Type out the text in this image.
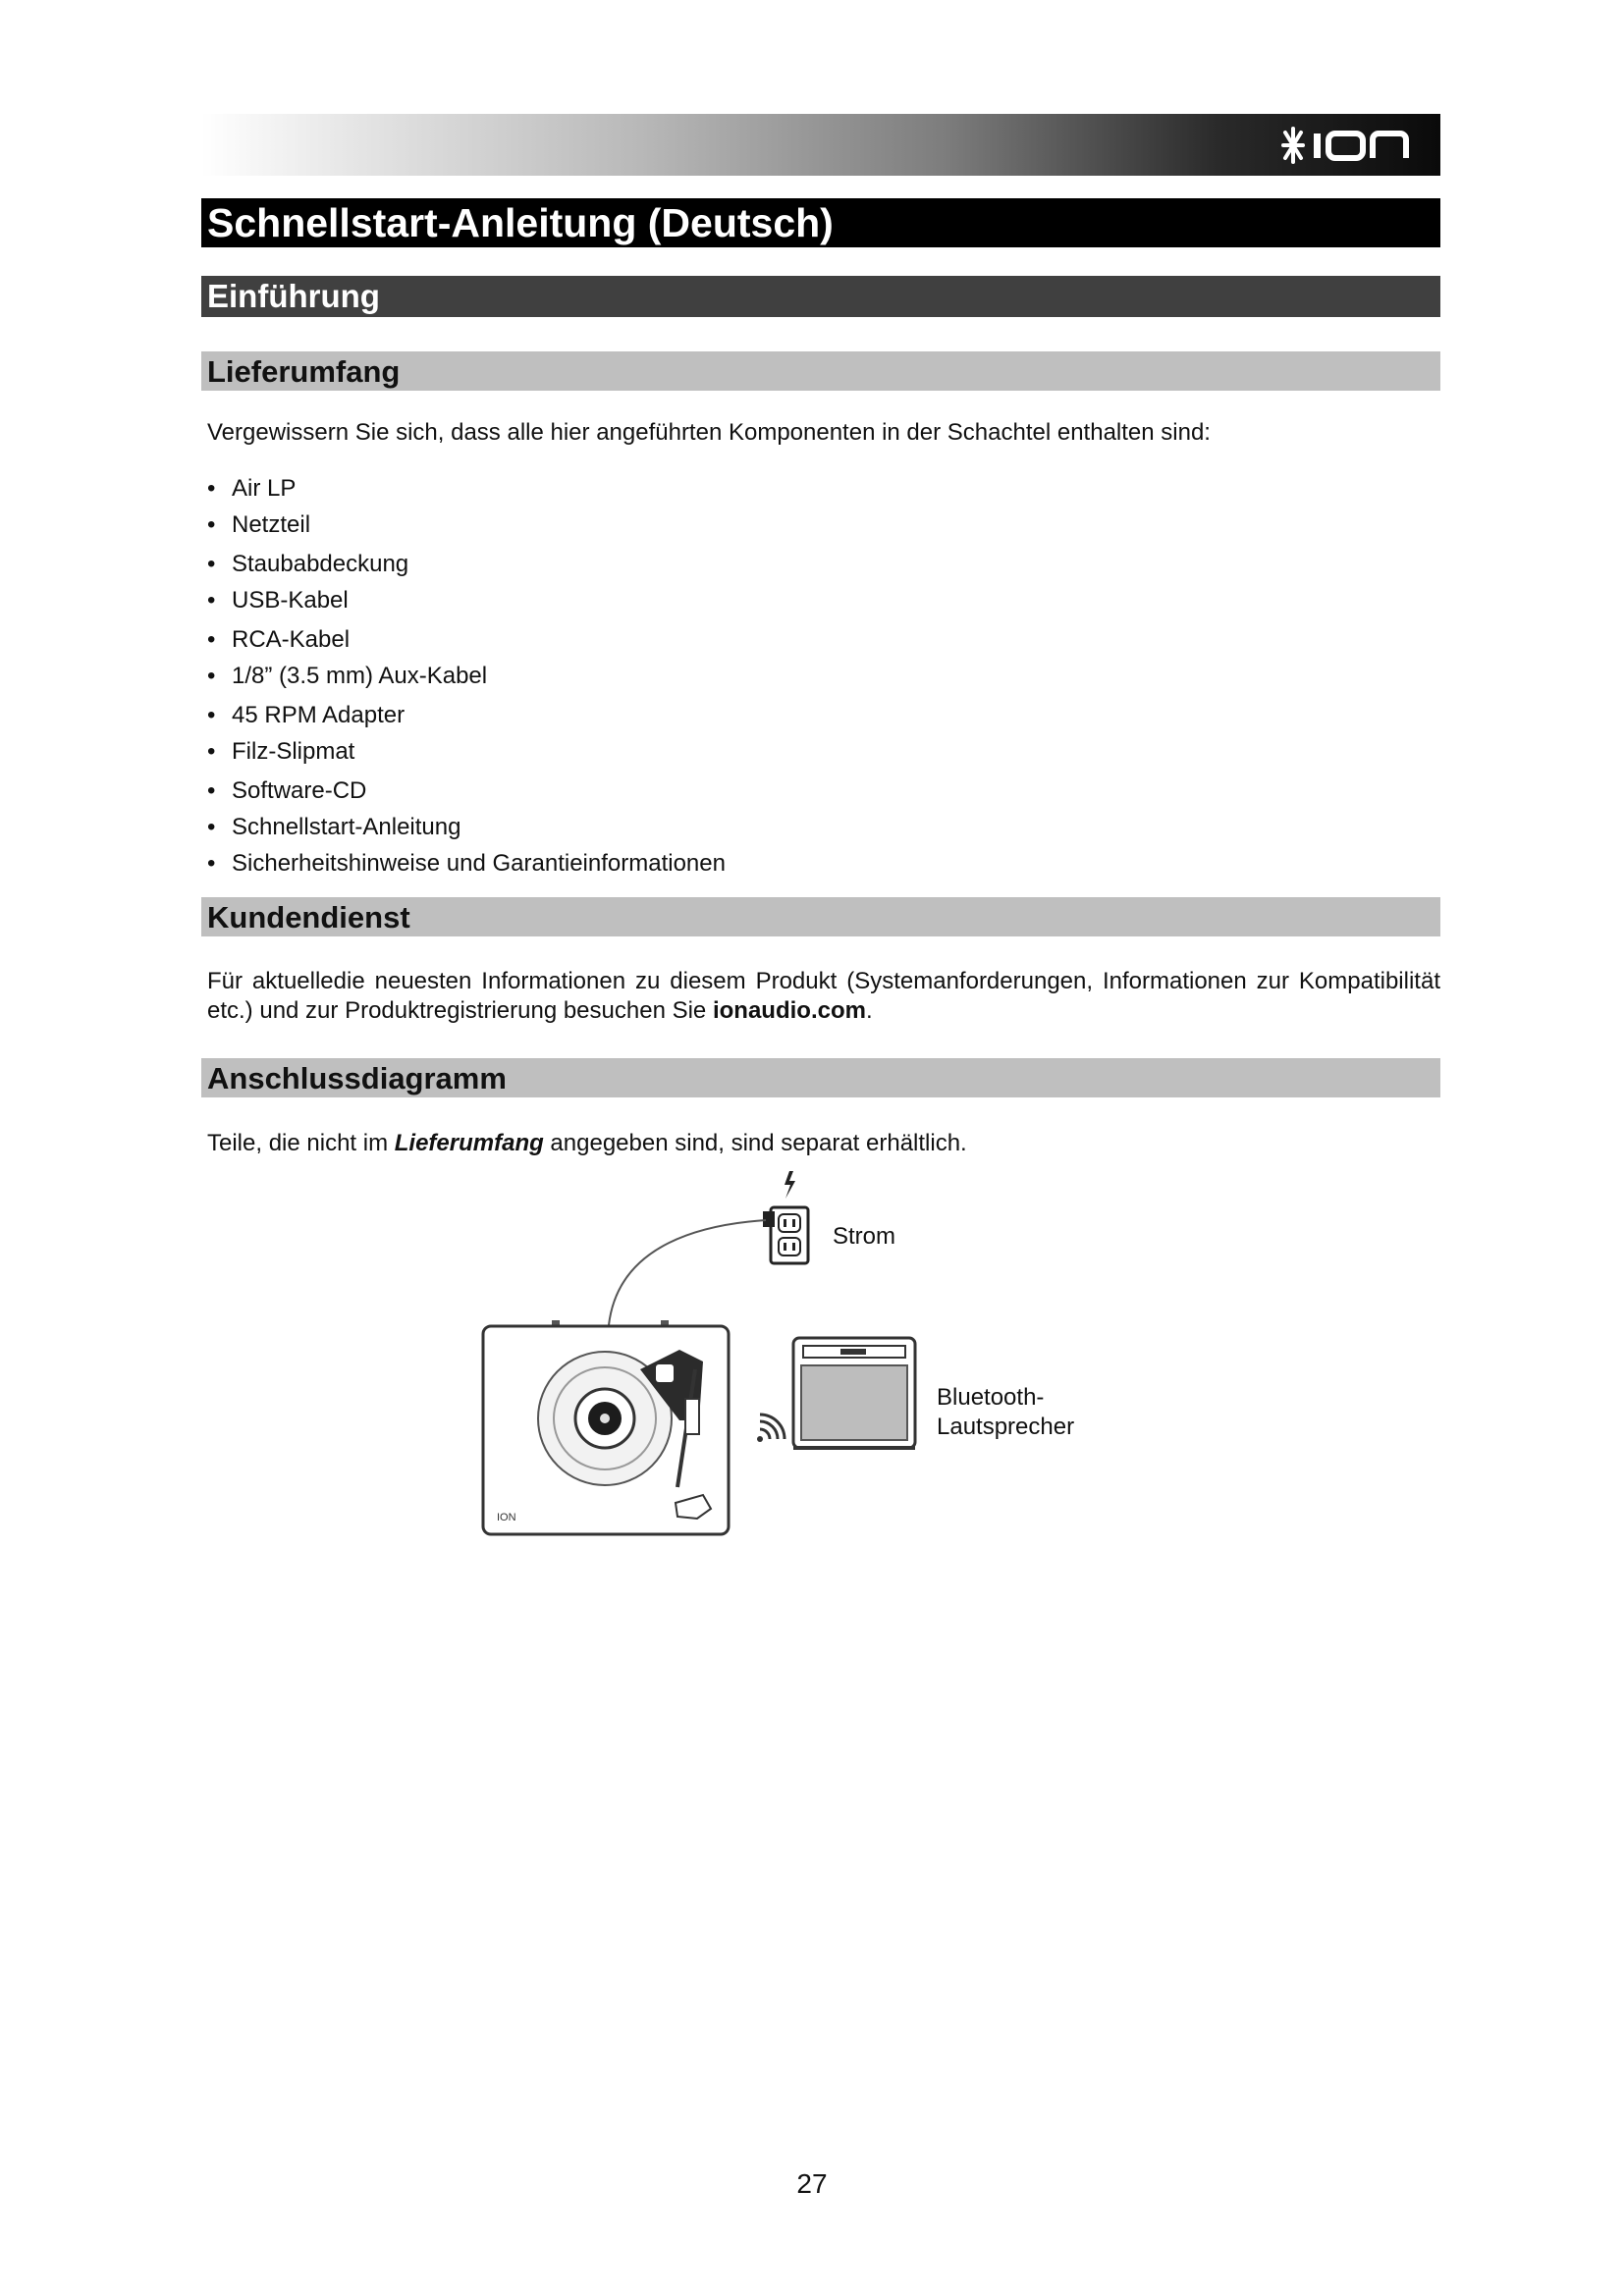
ION
Schnellstart-Anleitung (Deutsch)
Einführung
Lieferumfang
Vergewissern Sie sich, dass alle hier angeführten Komponenten in der Schachtel enthalten sind:
Air LP
Netzteil
Staubabdeckung
USB-Kabel
RCA-Kabel
1/8” (3.5 mm) Aux-Kabel
45 RPM Adapter
Filz-Slipmat
Software-CD
Schnellstart-Anleitung
Sicherheitshinweise und Garantieinformationen
Kundendienst
Für aktuelledie neuesten Informationen zu diesem Produkt (Systemanforderungen, Informationen zur Kompatibilität etc.) und zur Produktregistrierung besuchen Sie ionaudio.com.
Anschlussdiagramm
Teile, die nicht im Lieferumfang angegeben sind, sind separat erhältlich.
ION
Strom
Bluetooth-
Lautsprecher
27
